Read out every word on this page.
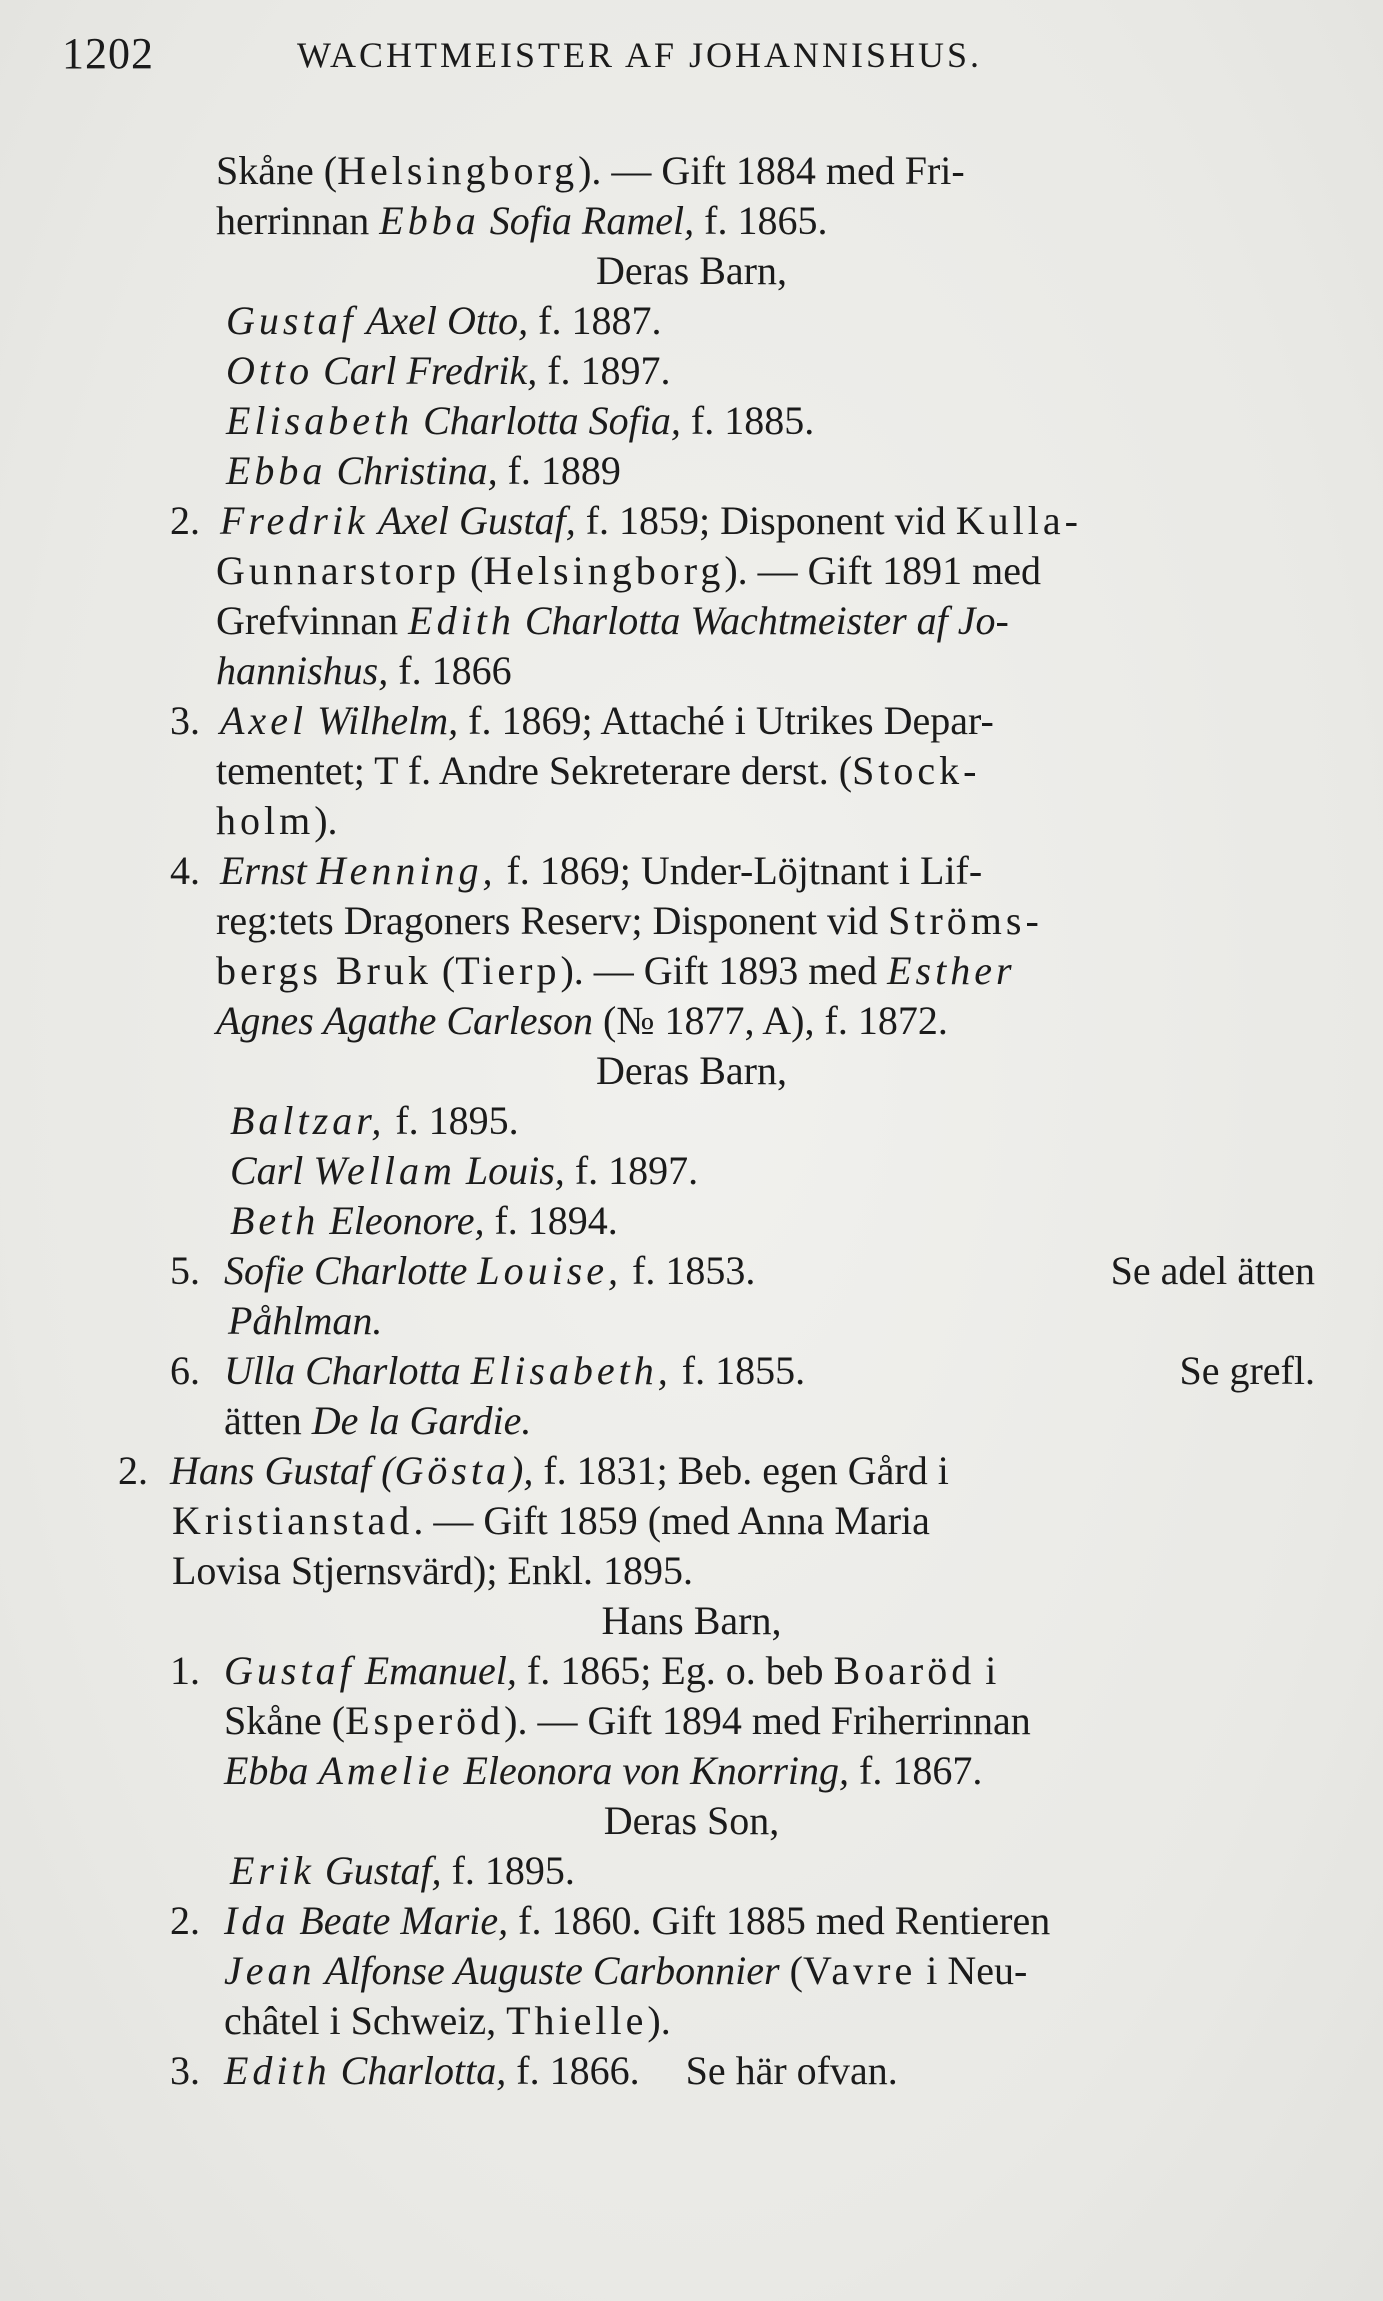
1202	WACHTMEISTER AF JOHANNISHUS.
Skåne (Helsingborg). — Gift 1884 med Fri-
herrinnan Ebba Sofia Ramel, f. 1865.
Deras Barn,
Gustaf Axel Otto, f. 1887.
Otto Carl Fredrik, f. 1897.
Elisabeth Charlotta Sofia, f. 1885.
Ebba Christina, f. 1889
2. Fredrik Axel Gustaf, f. 1859; Disponent vid Kulla-
Gunnarstorp (Helsingborg). — Gift 1891 med
Grefvinnan Edith Charlotta Wachtmeister af Jo-
hannishus, f. 1866
3. Axel Wilhelm, f. 1869; Attaché i Utrikes Depar-
tementet; T f. Andre Sekreterare derst. (Stock-
holm).
4. Ernst Henning, f. 1869; Under-Löjtnant i Lif-
reg:tets Dragoners Reserv; Disponent vid Ströms-
bergs Bruk (Tierp). — Gift 1893 med Esther
Agnes Agathe Carleson (№ 1877, A), f. 1872.
Deras Barn,
Baltzar, f. 1895.
Carl Wellam Louis, f. 1897.
Beth Eleonore, f. 1894.
5. Sofie Charlotte Louise, f. 1853.	Se adel ätten
Påhlman.
6. Ulla Charlotta Elisabeth, f. 1855.	Se grefl.
ätten De la Gardie.
2. Hans Gustaf (Gösta), f. 1831; Beb. egen Gård i
Kristianstad. — Gift 1859 (med Anna Maria
Lovisa Stjernsvärd); Enkl. 1895.
Hans Barn,
1. Gustaf Emanuel, f. 1865; Eg. o. beb Boaröd i
Skåne (Esperöd). — Gift 1894 med Friherrinnan
Ebba Amelie Eleonora von Knorring, f. 1867.
Deras Son,
Erik Gustaf, f. 1895.
2. Ida Beate Marie, f. 1860. Gift 1885 med Rentieren
Jean Alfonse Auguste Carbonnier (Vavre i Neu-
châtel i Schweiz, Thielle).
3. Edith Charlotta, f. 1866. Se här ofvan.
